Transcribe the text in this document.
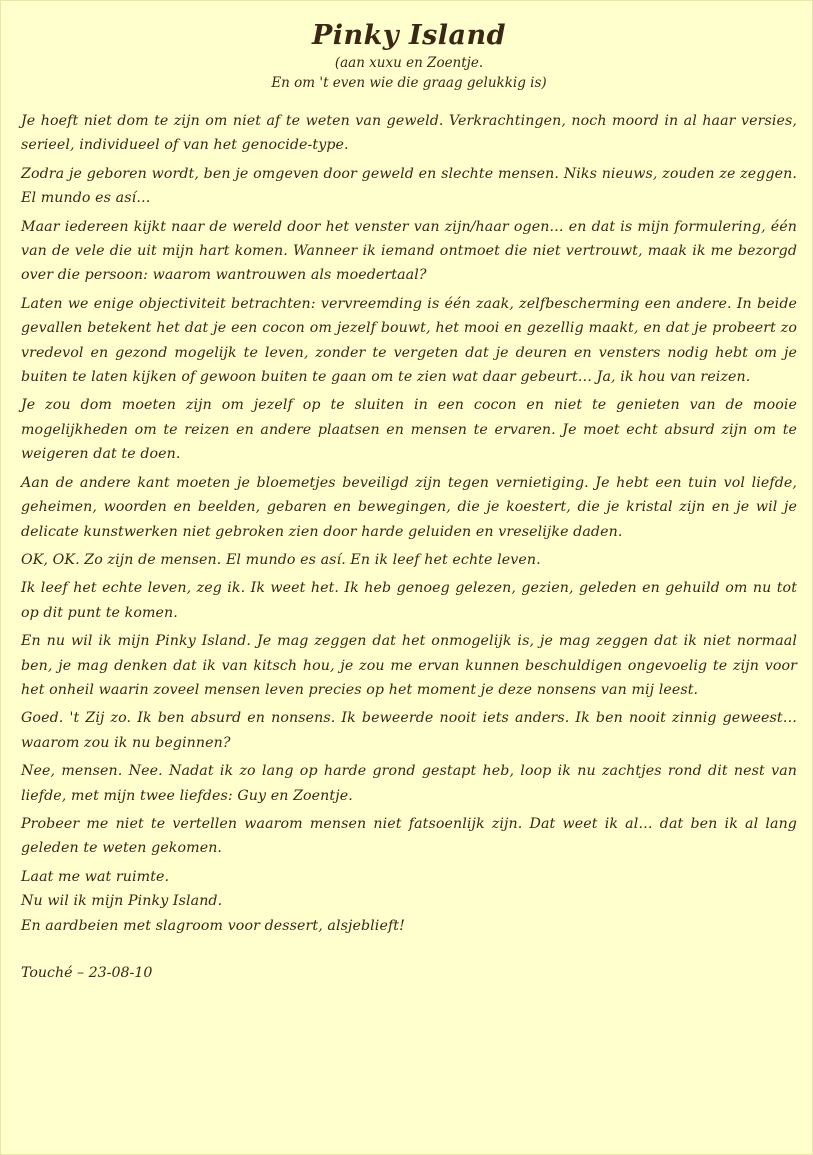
Pinky Island

(aan xuxu en Zoentje.

En om 't even wie die graag gelukkig is)

Je hoeft niet dom te zijn om niet af te weten van geweld. Verkrachtingen, noch moord in al haar versies, serieel, individueel of van het genocide-type.

Zodra je geboren wordt, ben je omgeven door geweld en slechte mensen. Niks nieuws, zouden ze zeggen. El mundo es así…

Maar iedereen kijkt naar de wereld door het venster van zijn/haar ogen… en dat is mijn formulering, één van de vele die uit mijn hart komen. Wanneer ik iemand ontmoet die niet vertrouwt, maak ik me bezorgd over die persoon: waarom wantrouwen als moedertaal?

Laten we enige objectiviteit betrachten: vervreemding is één zaak, zelfbescherming een andere. In beide gevallen betekent het dat je een cocon om jezelf bouwt, het mooi en gezellig maakt, en dat je probeert zo vredevol en gezond mogelijk te leven, zonder te vergeten dat je deuren en vensters nodig hebt om je buiten te laten kijken of gewoon buiten te gaan om te zien wat daar gebeurt… Ja, ik hou van reizen.

Je zou dom moeten zijn om jezelf op te sluiten in een cocon en niet te genieten van de mooie mogelijkheden om te reizen en andere plaatsen en mensen te ervaren. Je moet echt absurd zijn om te weigeren dat te doen.

Aan de andere kant moeten je bloemetjes beveiligd zijn tegen vernietiging. Je hebt een tuin vol liefde, geheimen, woorden en beelden, gebaren en bewegingen, die je koestert, die je kristal zijn en je wil je delicate kunstwerken niet gebroken zien door harde geluiden en vreselijke daden.

OK, OK. Zo zijn de mensen. El mundo es así. En ik leef het echte leven.

Ik leef het echte leven, zeg ik. Ik weet het. Ik heb genoeg gelezen, gezien, geleden en gehuild om nu tot op dit punt te komen.

En nu wil ik mijn Pinky Island. Je mag zeggen dat het onmogelijk is, je mag zeggen dat ik niet normaal ben, je mag denken dat ik van kitsch hou, je zou me ervan kunnen beschuldigen ongevoelig te zijn voor het onheil waarin zoveel mensen leven precies op het moment je deze nonsens van mij leest.

Goed. 't Zij zo. Ik ben absurd en nonsens. Ik beweerde nooit iets anders. Ik ben nooit zinnig geweest… waarom zou ik nu beginnen?

Nee, mensen. Nee. Nadat ik zo lang op harde grond gestapt heb, loop ik nu zachtjes rond dit nest van liefde, met mijn twee liefdes: Guy en Zoentje.

Probeer me niet te vertellen waarom mensen niet fatsoenlijk zijn. Dat weet ik al… dat ben ik al lang geleden te weten gekomen.

Laat me wat ruimte.

Nu wil ik mijn Pinky Island.

En aardbeien met slagroom voor dessert, alsjeblieft!

Touché – 23-08-10
